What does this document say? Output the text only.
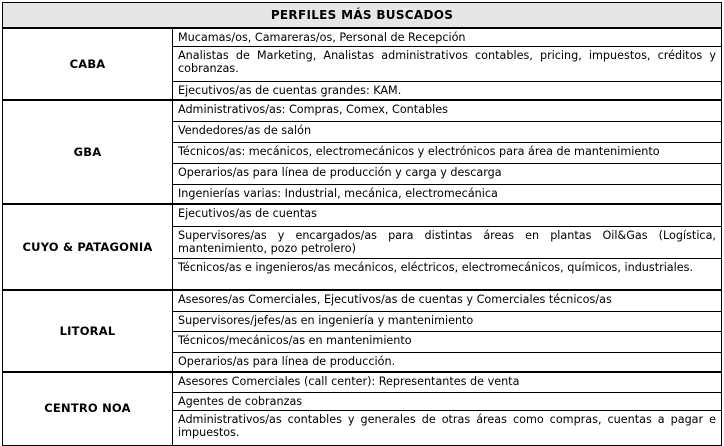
PERFILES MÁS BUSCADOS	
CABA	Mucamas/os, Camareras/os, Personal de Recepción
	Analistas de Marketing, Analistas administrativos contables, pricing, impuestos, créditos y cobranzas.
	Ejecutivos/as de cuentas grandes: KAM.
GBA	Administrativos/as: Compras, Comex, Contables
	Vendedores/as de salón
	Técnicos/as: mecánicos, electromecánicos y electrónicos para área de mantenimiento
	Operarios/as para línea de producción y carga y descarga
	Ingenierías varias: Industrial, mecánica, electromecánica
CUYO & PATAGONIA	Ejecutivos/as de cuentas
	Supervisores/as y encargados/as para distintas áreas en plantas Oil&Gas (Logística, mantenimiento, pozo petrolero)
	Técnicos/as e ingenieros/as mecánicos, eléctricos, electromecánicos, químicos, industriales.
LITORAL	Asesores/as Comerciales, Ejecutivos/as de cuentas y Comerciales técnicos/as
	Supervisores/jefes/as en ingeniería y mantenimiento
	Técnicos/mecánicos/as en mantenimiento
	Operarios/as para línea de producción.
CENTRO NOA	Asesores Comerciales (call center): Representantes de venta
	Agentes de cobranzas
	Administrativos/as contables y generales de otras áreas como compras, cuentas a pagar e impuestos.
